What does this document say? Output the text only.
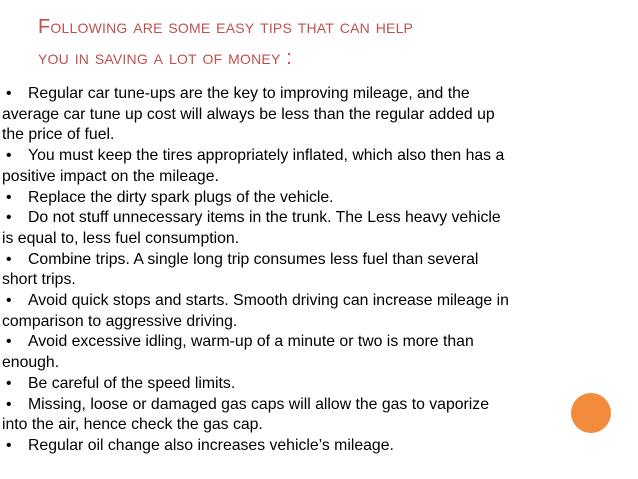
Following are some easy tips that can help
you in saving a lot of money :
• Regular car tune-ups are the key to improving mileage, and the
average car tune up cost will always be less than the regular added up
the price of fuel.
• You must keep the tires appropriately inflated, which also then has a
positive impact on the mileage.
• Replace the dirty spark plugs of the vehicle.
• Do not stuff unnecessary items in the trunk. The Less heavy vehicle
is equal to, less fuel consumption.
• Combine trips. A single long trip consumes less fuel than several
short trips.
• Avoid quick stops and starts. Smooth driving can increase mileage in
comparison to aggressive driving.
• Avoid excessive idling, warm-up of a minute or two is more than
enough.
• Be careful of the speed limits.
• Missing, loose or damaged gas caps will allow the gas to vaporize
into the air, hence check the gas cap.
• Regular oil change also increases vehicle’s mileage.
